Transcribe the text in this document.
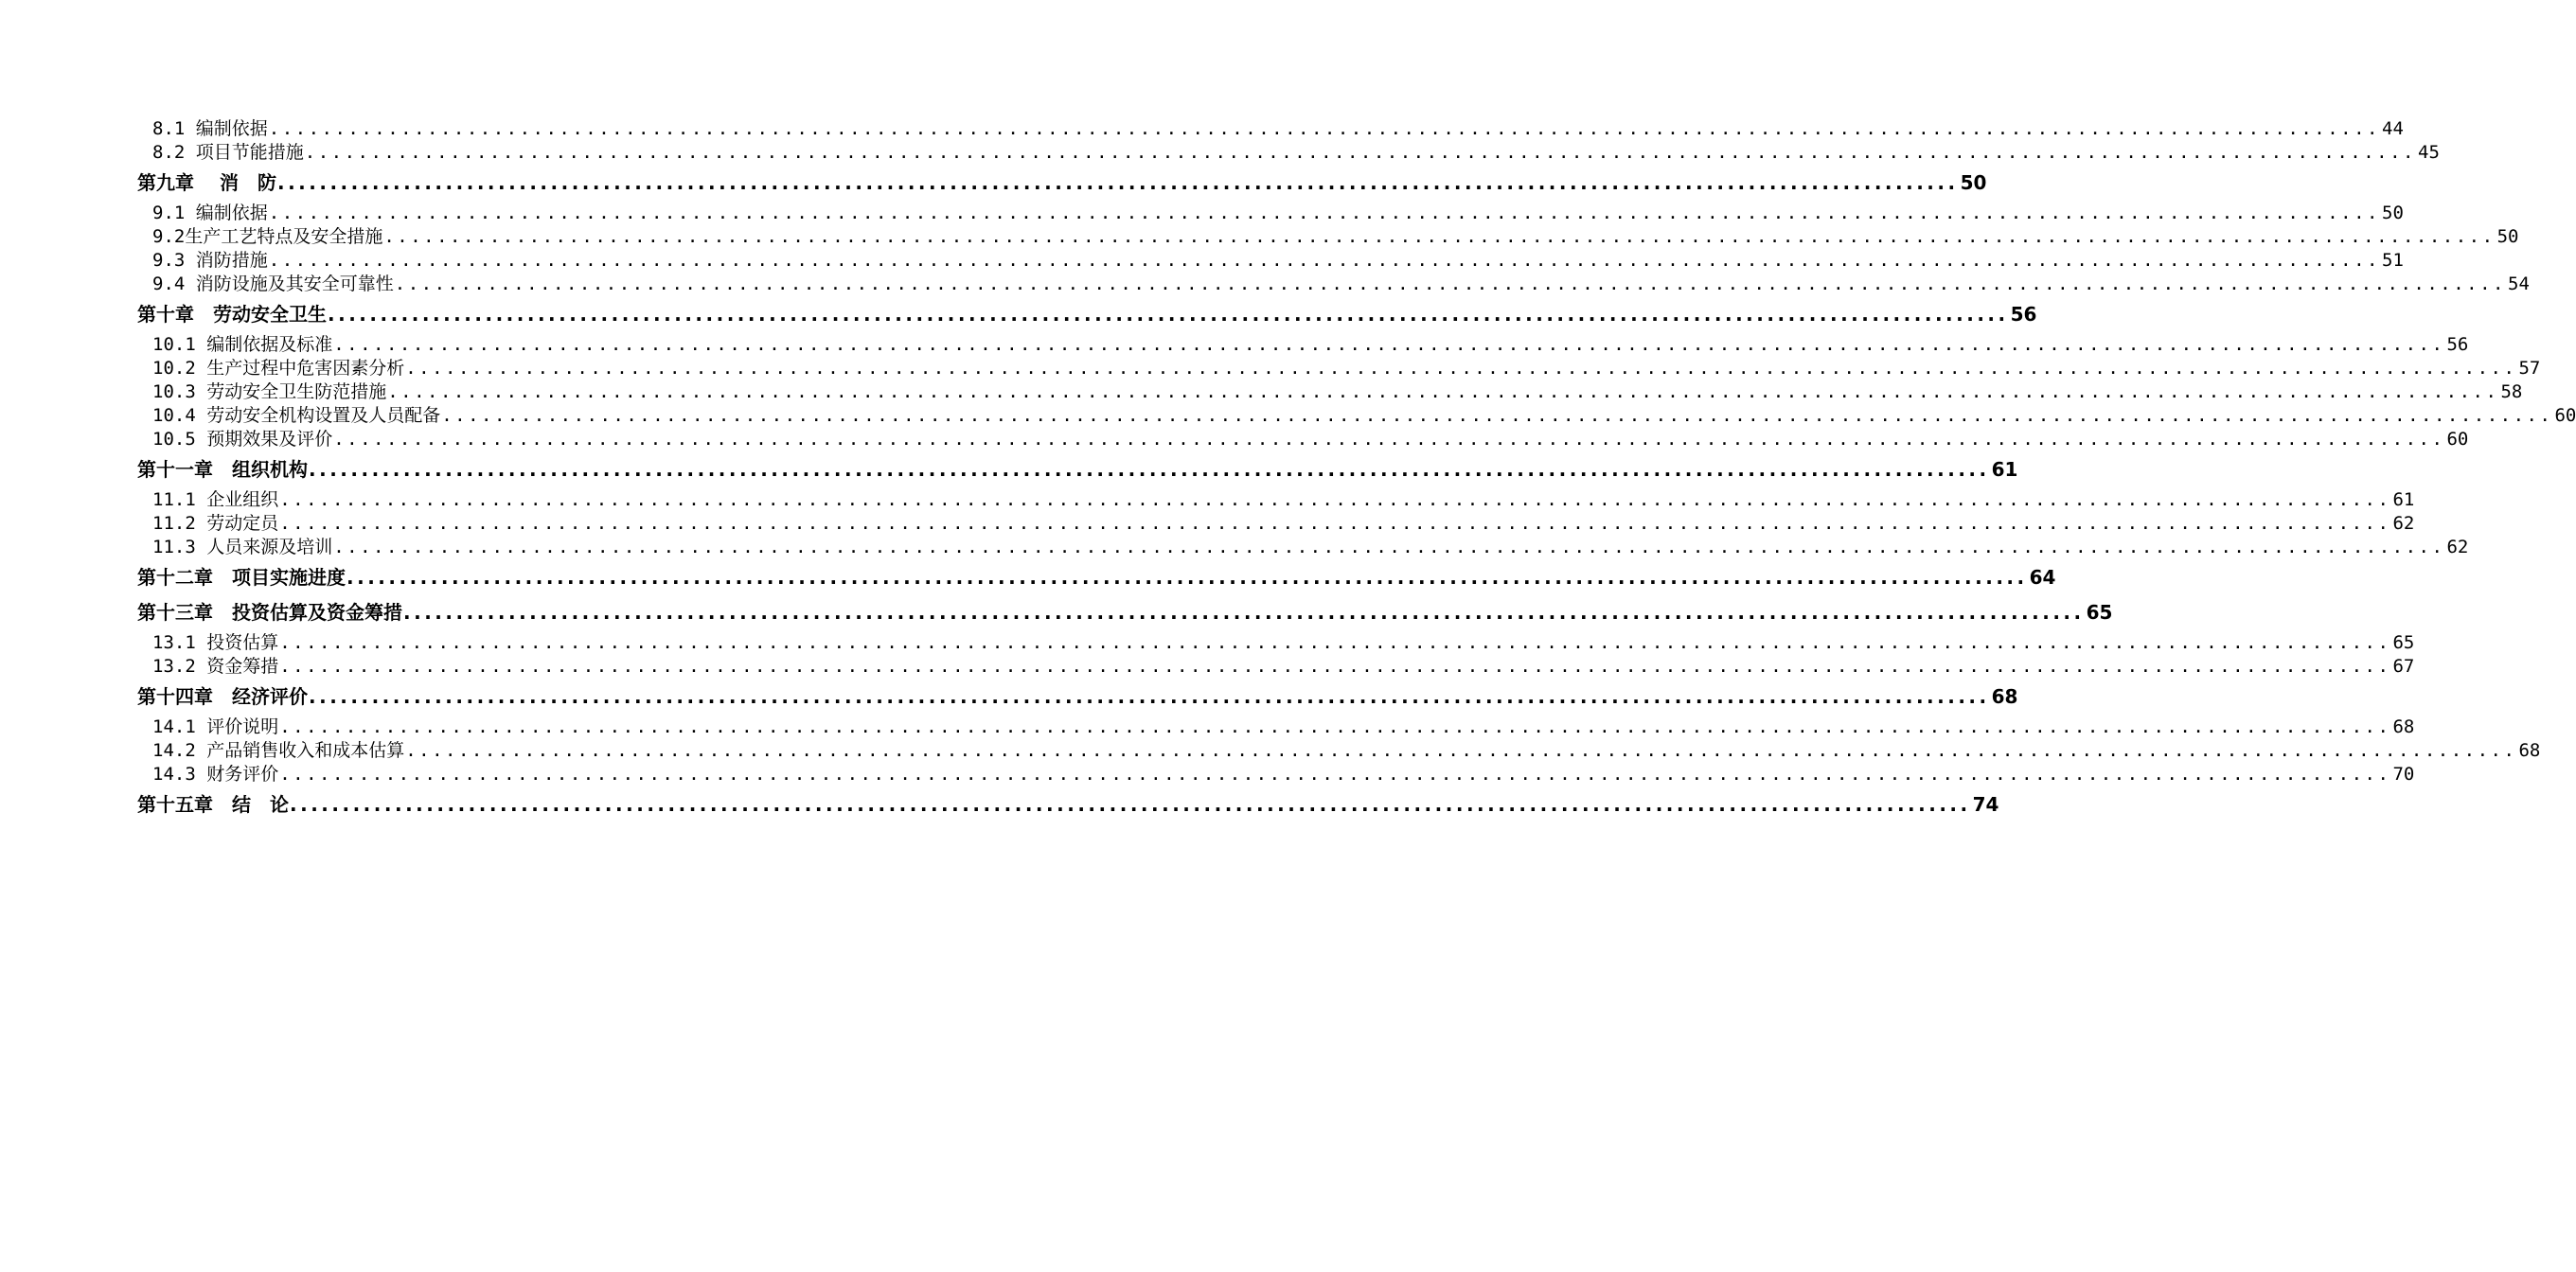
8.1 编制依据 ................................................................................................................................................................ 44
8.2 项目节能措施 ................................................................................................................................................................ 45
第九章　 消　防 ................................................................................................................................................................ 50
9.1 编制依据 ................................................................................................................................................................ 50
9.2生产工艺特点及安全措施 ................................................................................................................................................................ 50
9.3 消防措施 ................................................................................................................................................................ 51
9.4 消防设施及其安全可靠性 ................................................................................................................................................................ 54
第十章　劳动安全卫生 ................................................................................................................................................................ 56
10.1 编制依据及标准 ................................................................................................................................................................ 56
10.2 生产过程中危害因素分析 ................................................................................................................................................................ 57
10.3 劳动安全卫生防范措施 ................................................................................................................................................................ 58
10.4 劳动安全机构设置及人员配备 ................................................................................................................................................................ 60
10.5 预期效果及评价 ................................................................................................................................................................ 60
第十一章　组织机构 ................................................................................................................................................................ 61
11.1 企业组织 ................................................................................................................................................................ 61
11.2 劳动定员 ................................................................................................................................................................ 62
11.3 人员来源及培训 ................................................................................................................................................................ 62
第十二章　项目实施进度 ................................................................................................................................................................ 64
第十三章　投资估算及资金筹措 ................................................................................................................................................................ 65
13.1 投资估算 ................................................................................................................................................................ 65
13.2 资金筹措 ................................................................................................................................................................ 67
第十四章　经济评价 ................................................................................................................................................................ 68
14.1 评价说明 ................................................................................................................................................................ 68
14.2 产品销售收入和成本估算 ................................................................................................................................................................ 68
14.3 财务评价 ................................................................................................................................................................ 70
第十五章　结　论 ................................................................................................................................................................ 74
